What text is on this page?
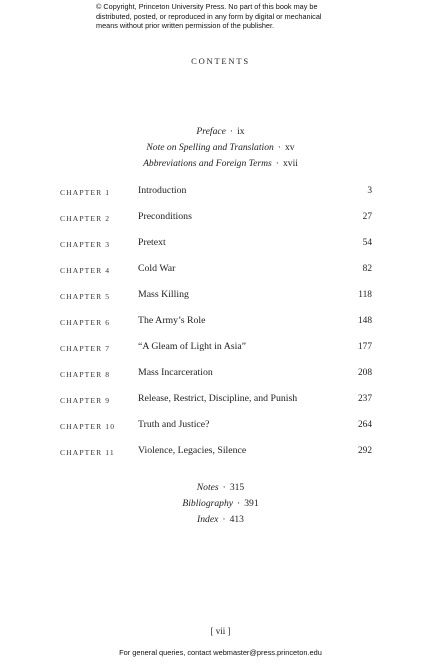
© Copyright, Princeton University Press. No part of this book may be
distributed, posted, or reproduced in any form by digital or mechanical
means without prior written permission of the publisher.
CONTENTS
Preface · ix
Note on Spelling and Translation · xv
Abbreviations and Foreign Terms · xvii
CHAPTER 1	Introduction	3
CHAPTER 2	Preconditions	27
CHAPTER 3	Pretext	54
CHAPTER 4	Cold War	82
CHAPTER 5	Mass Killing	118
CHAPTER 6	The Army’s Role	148
CHAPTER 7	“A Gleam of Light in Asia”	177
CHAPTER 8	Mass Incarceration	208
CHAPTER 9	Release, Restrict, Discipline, and Punish	237
CHAPTER 10 Truth and Justice?	264
CHAPTER 11 Violence, Legacies, Silence	292
Notes · 315
Bibliography · 391
Index · 413
[ vii ]
For general queries, contact webmaster@press.princeton.edu
